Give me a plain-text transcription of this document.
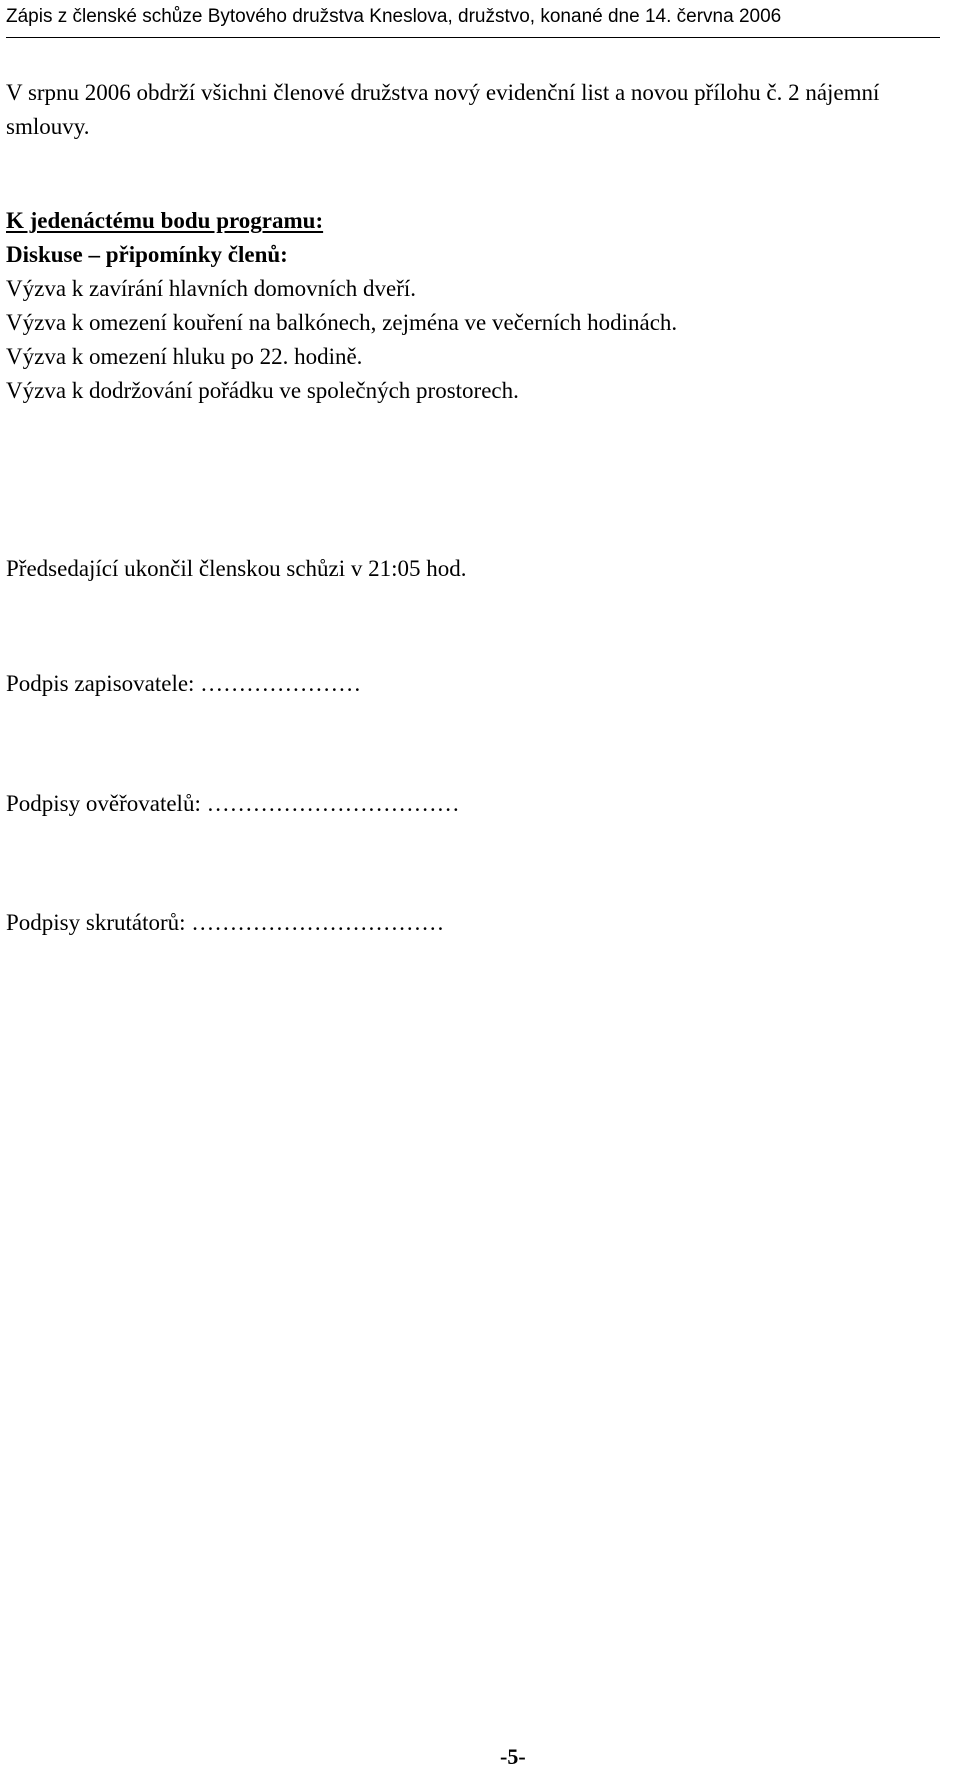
Zápis z členské schůze Bytového družstva Kneslova, družstvo, konané dne 14. června 2006

V srpnu 2006 obdrží všichni členové družstva nový evidenční list a novou přílohu č. 2 nájemní smlouvy.

K jedenáctému bodu programu:

Diskuse – připomínky členů:

Výzva k zavírání hlavních domovních dveří.

Výzva k omezení kouření na balkónech, zejména ve večerních hodinách.

Výzva k omezení hluku po 22. hodině.

Výzva k dodržování pořádku ve společných prostorech.

Předsedající ukončil členskou schůzi v 21:05 hod.

Podpis zapisovatele: …………………

Podpisy ověřovatelů: ……………………………

Podpisy skrutátorů: ……………………………

-5-
